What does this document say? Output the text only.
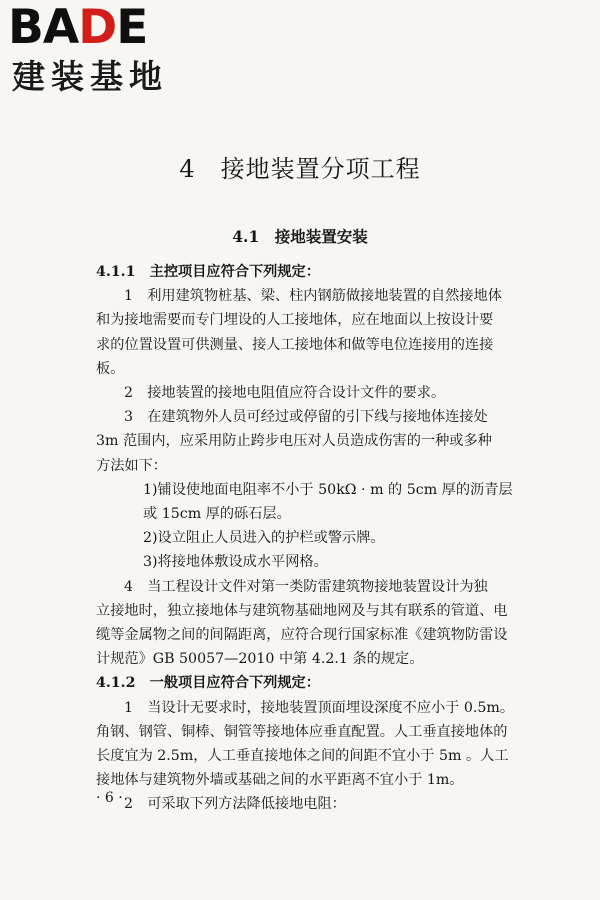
BADE
建装基地
4　接地装置分项工程
4.1　接地装置安装
4.1.1　主控项目应符合下列规定：
1　利用建筑物桩基、梁、柱内钢筋做接地装置的自然接地体
和为接地需要而专门埋设的人工接地体，应在地面以上按设计要
求的位置设置可供测量、接人工接地体和做等电位连接用的连接
板。
2　接地装置的接地电阻值应符合设计文件的要求。
3　在建筑物外人员可经过或停留的引下线与接地体连接处
3m 范围内，应采用防止跨步电压对人员造成伤害的一种或多种
方法如下：
1)铺设使地面电阻率不小于 50kΩ · m 的 5cm 厚的沥青层
或 15cm 厚的砾石层。
2)设立阻止人员进入的护栏或警示牌。
3)将接地体敷设成水平网格。
4　当工程设计文件对第一类防雷建筑物接地装置设计为独
立接地时，独立接地体与建筑物基础地网及与其有联系的管道、电
缆等金属物之间的间隔距离，应符合现行国家标准《建筑物防雷设
计规范》GB 50057—2010 中第 4.2.1 条的规定。
4.1.2　一般项目应符合下列规定：
1　当设计无要求时，接地装置顶面埋设深度不应小于 0.5m。
角钢、钢管、铜棒、铜管等接地体应垂直配置。人工垂直接地体的
长度宜为 2.5m，人工垂直接地体之间的间距不宜小于 5m 。人工
接地体与建筑物外墙或基础之间的水平距离不宜小于 1m。
2　可采取下列方法降低接地电阻：
· 6 ·
